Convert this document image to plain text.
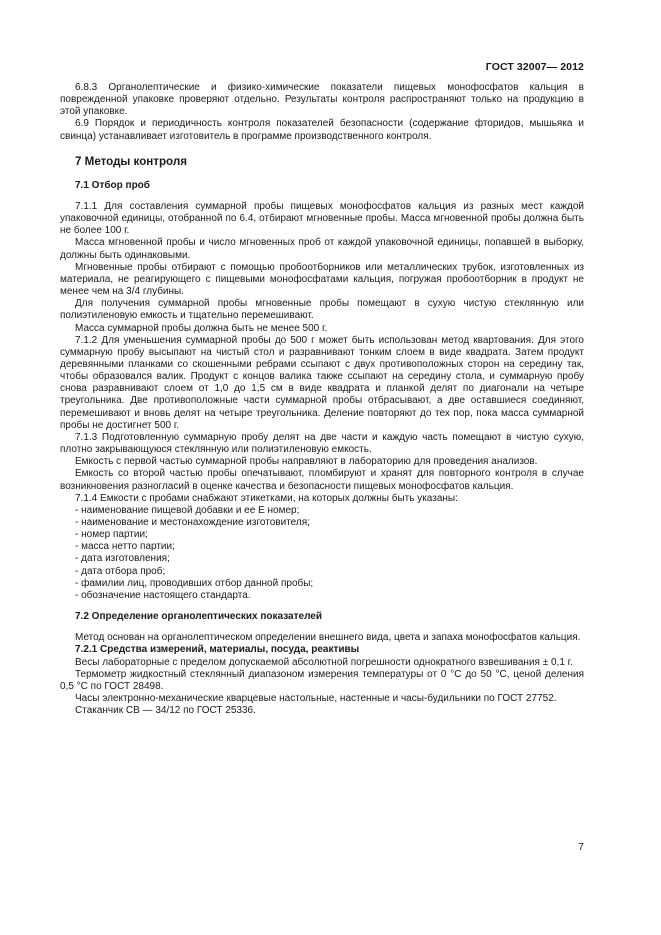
ГОСТ 32007— 2012

6.8.3 Органолептические и физико-химические показатели пищевых монофосфатов кальция в поврежденной упаковке проверяют отдельно. Результаты контроля распространяют только на продукцию в этой упаковке.

6.9 Порядок и периодичность контроля показателей безопасности (содержание фторидов, мышьяка и свинца) устанавливает изготовитель в программе производственного контроля.

7 Методы контроля
7.1 Отбор проб

7.1.1 Для составления суммарной пробы пищевых монофосфатов кальция из разных мест каждой упаковочной единицы, отобранной по 6.4, отбирают мгновенные пробы. Масса мгновенной пробы должна быть не более 100 г.

Масса мгновенной пробы и число мгновенных проб от каждой упаковочной единицы, попавшей в выборку, должны быть одинаковыми.

Мгновенные пробы отбирают с помощью пробоотборников или металлических трубок, изготовленных из материала, не реагирующего с пищевыми монофосфатами кальция, погружая пробоотборник в продукт не менее чем на 3/4 глубины.

Для получения суммарной пробы мгновенные пробы помещают в сухую чистую стеклянную или полиэтиленовую емкость и тщательно перемешивают.

Масса суммарной пробы должна быть не менее 500 г.

7.1.2 Для уменьшения суммарной пробы до 500 г может быть использован метод квартования. Для этого суммарную пробу высыпают на чистый стол и разравнивают тонким слоем в виде квадрата. Затем продукт деревянными планками со скошенными ребрами ссыпают с двух противоположных сторон на середину так, чтобы образовался валик. Продукт с концов валика также ссыпают на середину стола, и суммарную пробу снова разравнивают слоем от 1,0 до 1,5 см в виде квадрата и планкой делят по диагонали на четыре треугольника. Две противоположные части суммарной пробы отбрасывают, а две оставшиеся соединяют, перемешивают и вновь делят на четыре треугольника. Деление повторяют до тех пор, пока масса суммарной пробы не достигнет 500 г.

7.1.3 Подготовленную суммарную пробу делят на две части и каждую часть помещают в чистую сухую, плотно закрывающуюся стеклянную или полиэтиленовую емкость.

Емкость с первой частью суммарной пробы направляют в лабораторию для проведения анализов.

Емкость со второй частью пробы опечатывают, пломбируют и хранят для повторного контроля в случае возникновения разногласий в оценке качества и безопасности пищевых монофосфатов кальция.

7.1.4 Емкости с пробами снабжают этикетками, на которых должны быть указаны:

- наименование пищевой добавки и ее Е номер;

- наименование и местонахождение изготовителя;

- номер партии;

- масса нетто партии;

- дата изготовления;

- дата отбора проб;

- фамилии лиц, проводивших отбор данной пробы;

- обозначение настоящего стандарта.

7.2 Определение органолептических показателей

Метод основан на органолептическом определении внешнего вида, цвета и запаха монофосфатов кальция.

7.2.1 Средства измерений, материалы, посуда, реактивы

Весы лабораторные с пределом допускаемой абсолютной погрешности однократного взвешивания ± 0,1 г.

Термометр жидкостный стеклянный диапазоном измерения температуры от 0 °С до 50 °С, ценой деления 0,5 °С по ГОСТ 28498.

Часы электронно-механические кварцевые настольные, настенные и часы-будильники по ГОСТ 27752.

Стаканчик СВ — 34/12 по ГОСТ 25336.

7
